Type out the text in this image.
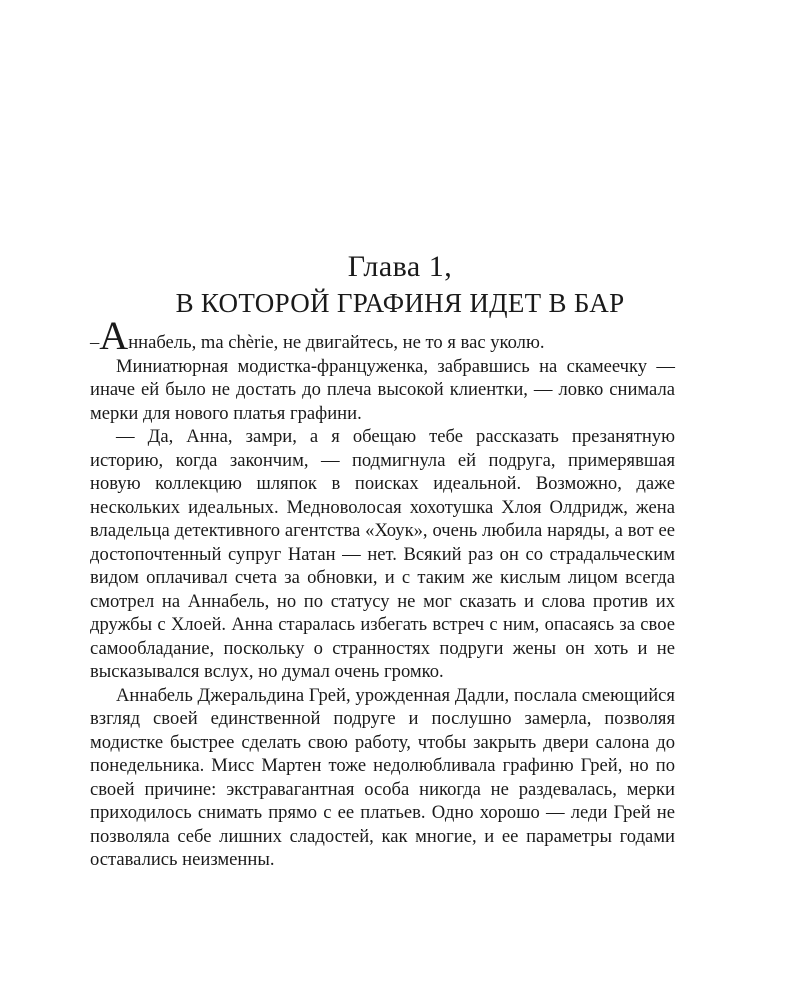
Глава 1,
В КОТОРОЙ ГРАФИНЯ ИДЕТ В БАР

–Аннабель, ma chèrie, не двигайтесь, не то я вас уколю.

Миниатюрная модистка-француженка, забравшись на скамеечку — иначе ей было не достать до плеча высокой клиентки, — ловко снимала мерки для нового платья графини.

— Да, Анна, замри, а я обещаю тебе рассказать презанятную историю, когда закончим, — подмигнула ей подруга, примерявшая новую коллекцию шляпок в поисках идеальной. Возможно, даже нескольких идеальных. Медноволосая хохотушка Хлоя Олдридж, жена владельца детективного агентства «Хоук», очень любила наряды, а вот ее достопочтенный супруг Натан — нет. Всякий раз он со страдальческим видом оплачивал счета за обновки, и с таким же кислым лицом всегда смотрел на Аннабель, но по статусу не мог сказать и слова против их дружбы с Хлоей. Анна старалась избегать встреч с ним, опасаясь за свое самообладание, поскольку о странностях подруги жены он хоть и не высказывался вслух, но думал очень громко.

Аннабель Джеральдина Грей, урожденная Дадли, послала смеющийся взгляд своей единственной подруге и послушно замерла, позволяя модистке быстрее сделать свою работу, чтобы закрыть двери салона до понедельника. Мисс Мартен тоже недолюбливала графиню Грей, но по своей причине: экстравагантная особа никогда не раздевалась, мерки приходилось снимать прямо с ее платьев. Одно хорошо — леди Грей не позволяла себе лишних сладостей, как многие, и ее параметры годами оставались неизменны.
